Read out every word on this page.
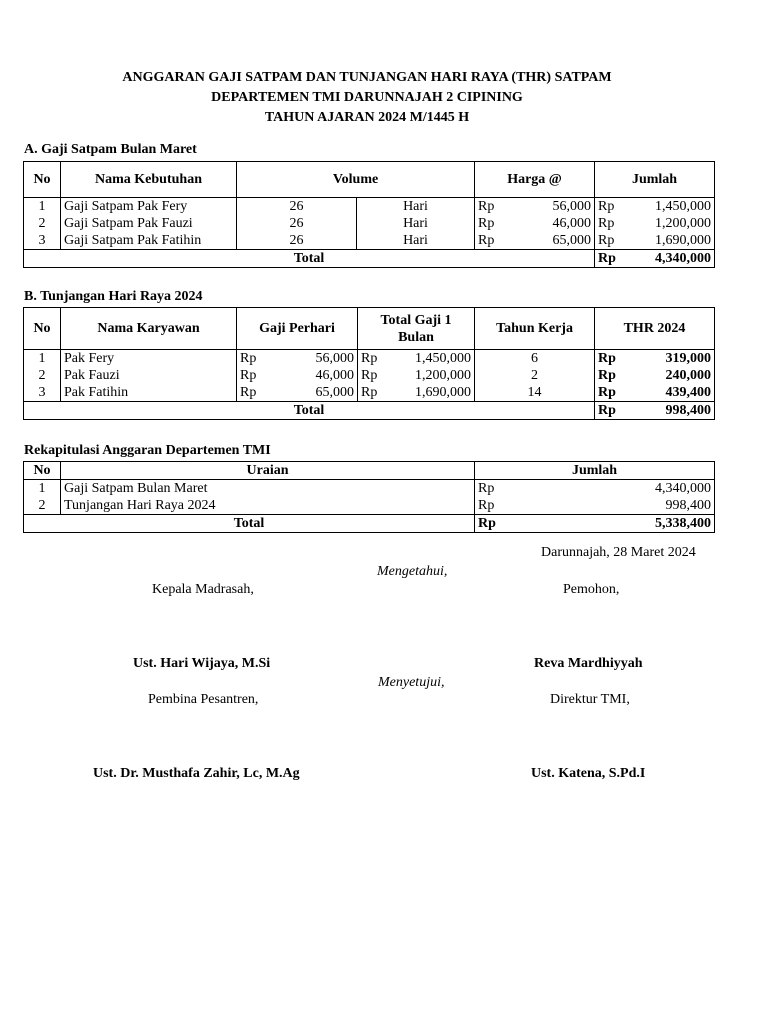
ANGGARAN GAJI SATPAM DAN TUNJANGAN HARI RAYA (THR) SATPAM
DEPARTEMEN TMI DARUNNAJAH 2 CIPINING
TAHUN AJARAN 2024 M/1445 H
A. Gaji Satpam Bulan Maret
No	Nama Kebutuhan	Volume		Harga @		Jumlah	
1	Gaji Satpam Pak Fery	26	Hari	Rp	56,000	Rp	1,450,000
2	Gaji Satpam Pak Fauzi	26	Hari	Rp	46,000	Rp	1,200,000
3	Gaji Satpam Pak Fatihin	26	Hari	Rp	65,000	Rp	1,690,000
Total						Rp	4,340,000
B. Tunjangan Hari Raya 2024
No	Nama Karyawan	Gaji Perhari		Total Gaji 1 Bulan		Tahun Kerja	THR 2024	
1	Pak Fery	Rp	56,000	Rp	1,450,000	6	Rp	319,000
2	Pak Fauzi	Rp	46,000	Rp	1,200,000	2	Rp	240,000
3	Pak Fatihin	Rp	65,000	Rp	1,690,000	14	Rp	439,400
Total							Rp	998,400
Rekapitulasi Anggaran Departemen TMI
No	Uraian	Jumlah	
1	Gaji Satpam Bulan Maret	Rp	4,340,000
2	Tunjangan Hari Raya 2024	Rp	998,400
Total		Rp	5,338,400
Darunnajah, 28 Maret 2024
Mengetahui,
Kepala Madrasah,	Pemohon,
Ust. Hari Wijaya, M.Si	Reva Mardhiyyah
Menyetujui,
Pembina Pesantren,	Direktur TMI,
Ust. Dr. Musthafa Zahir, Lc, M.Ag	Ust. Katena, S.Pd.I
